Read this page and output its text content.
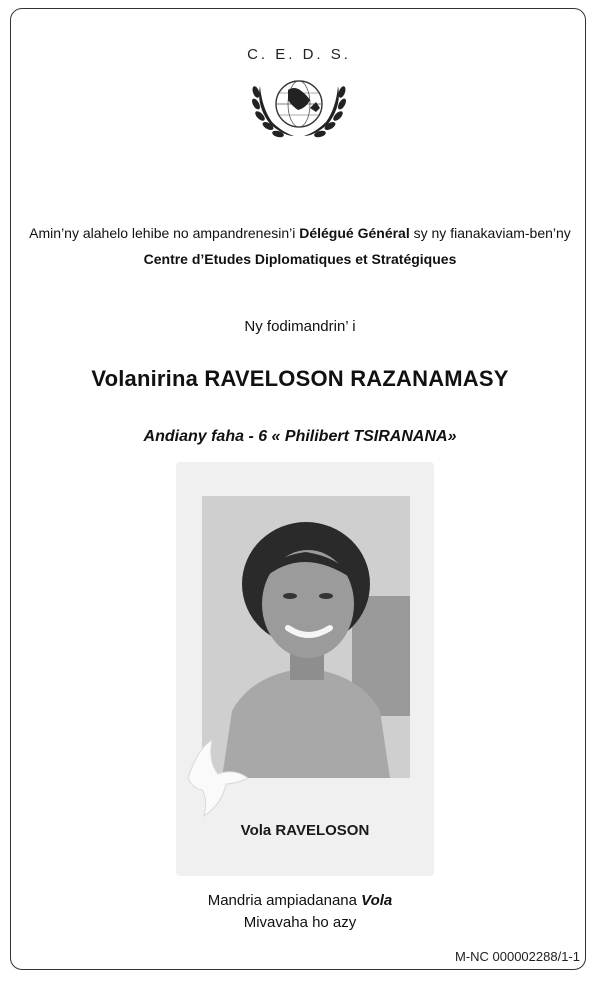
C. E. D. S.
Amin’ny alahelo lehibe no ampandrenesin’i Délégué Général sy ny fianakaviam-ben’ny
Centre d’Etudes Diplomatiques et Stratégiques
Ny fodimandrin’ i
Volanirina RAVELOSON RAZANAMASY
Andiany faha - 6 « Philibert TSIRANANA»
Vola RAVELOSON
Mandria ampiadanana Vola
Mivavaha ho azy
M-NC 000002288/1-1
